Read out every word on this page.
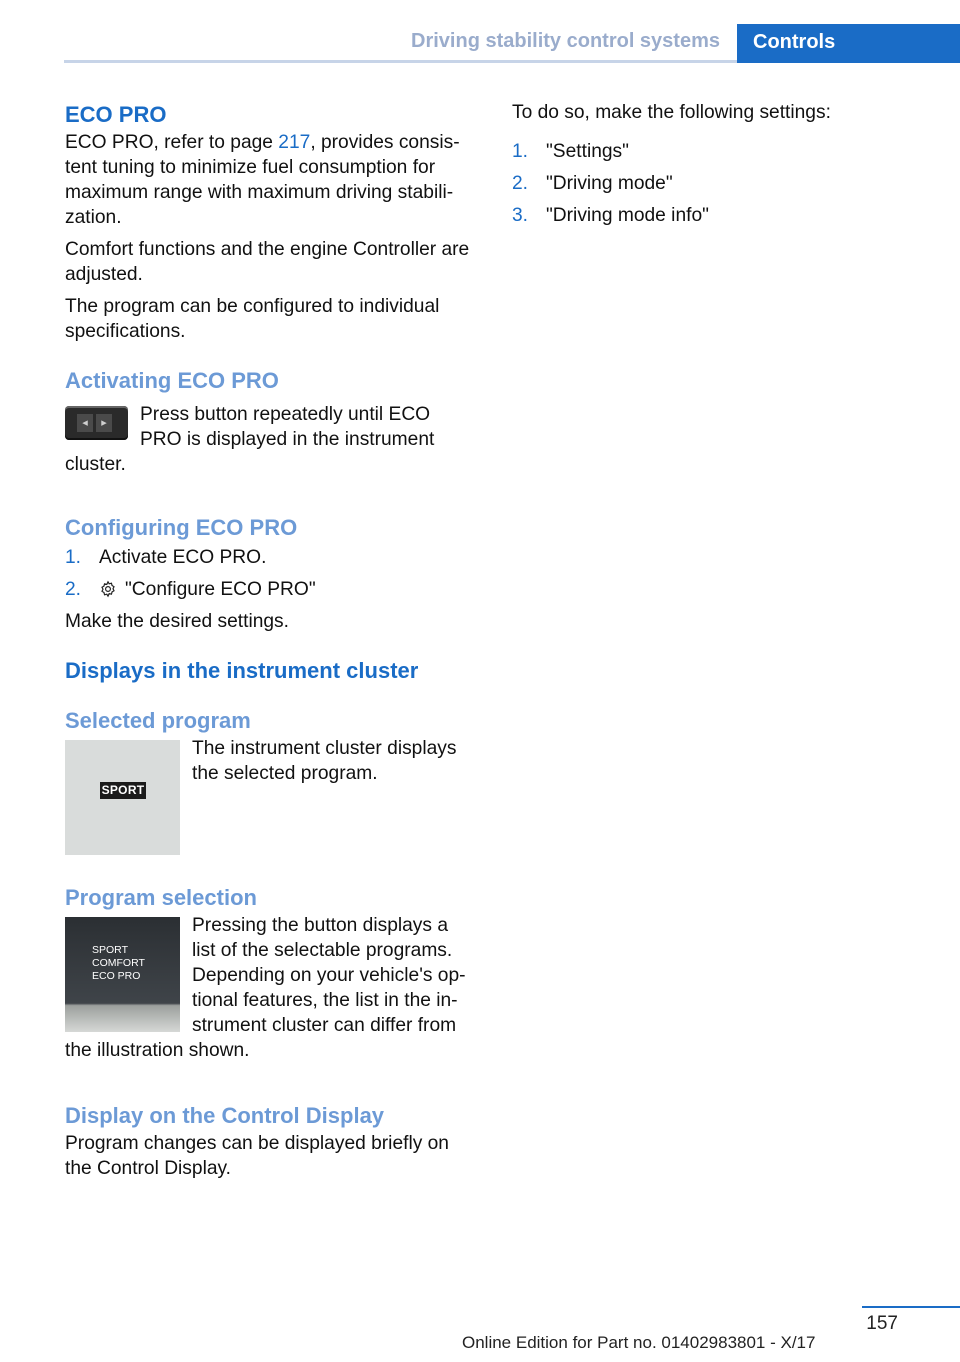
Driving stability control systems	Controls
ECO PRO

ECO PRO, refer to page 217, provides consis‐ tent tuning to minimize fuel consumption for maximum range with maximum driving stabili‐ zation.

Comfort functions and the engine Controller are adjusted.

The program can be configured to individual specifications.

Activating ECO PRO
◂	▸	Press button repeatedly until ECO PRO is displayed in the instrument cluster.

Configuring ECO PRO
1. Activate ECO PRO.
2. "Configure ECO PRO"

Make the desired settings.

Displays in the instrument cluster
Selected program
SPORT

The instrument cluster displays the selected program.

Program selection
SPORT
COMFORT
ECO PRO

Pressing the button displays a list of the selectable programs. Depending on your vehicle's op‐ tional features, the list in the in‐ strument cluster can differ from the illustration shown.

Display on the Control Display

Program changes can be displayed briefly on the Control Display.

To do so, make the following settings:

1. "Settings"
2. "Driving mode"
3. "Driving mode info"
157
Online Edition for Part no. 01402983801 - X/17
